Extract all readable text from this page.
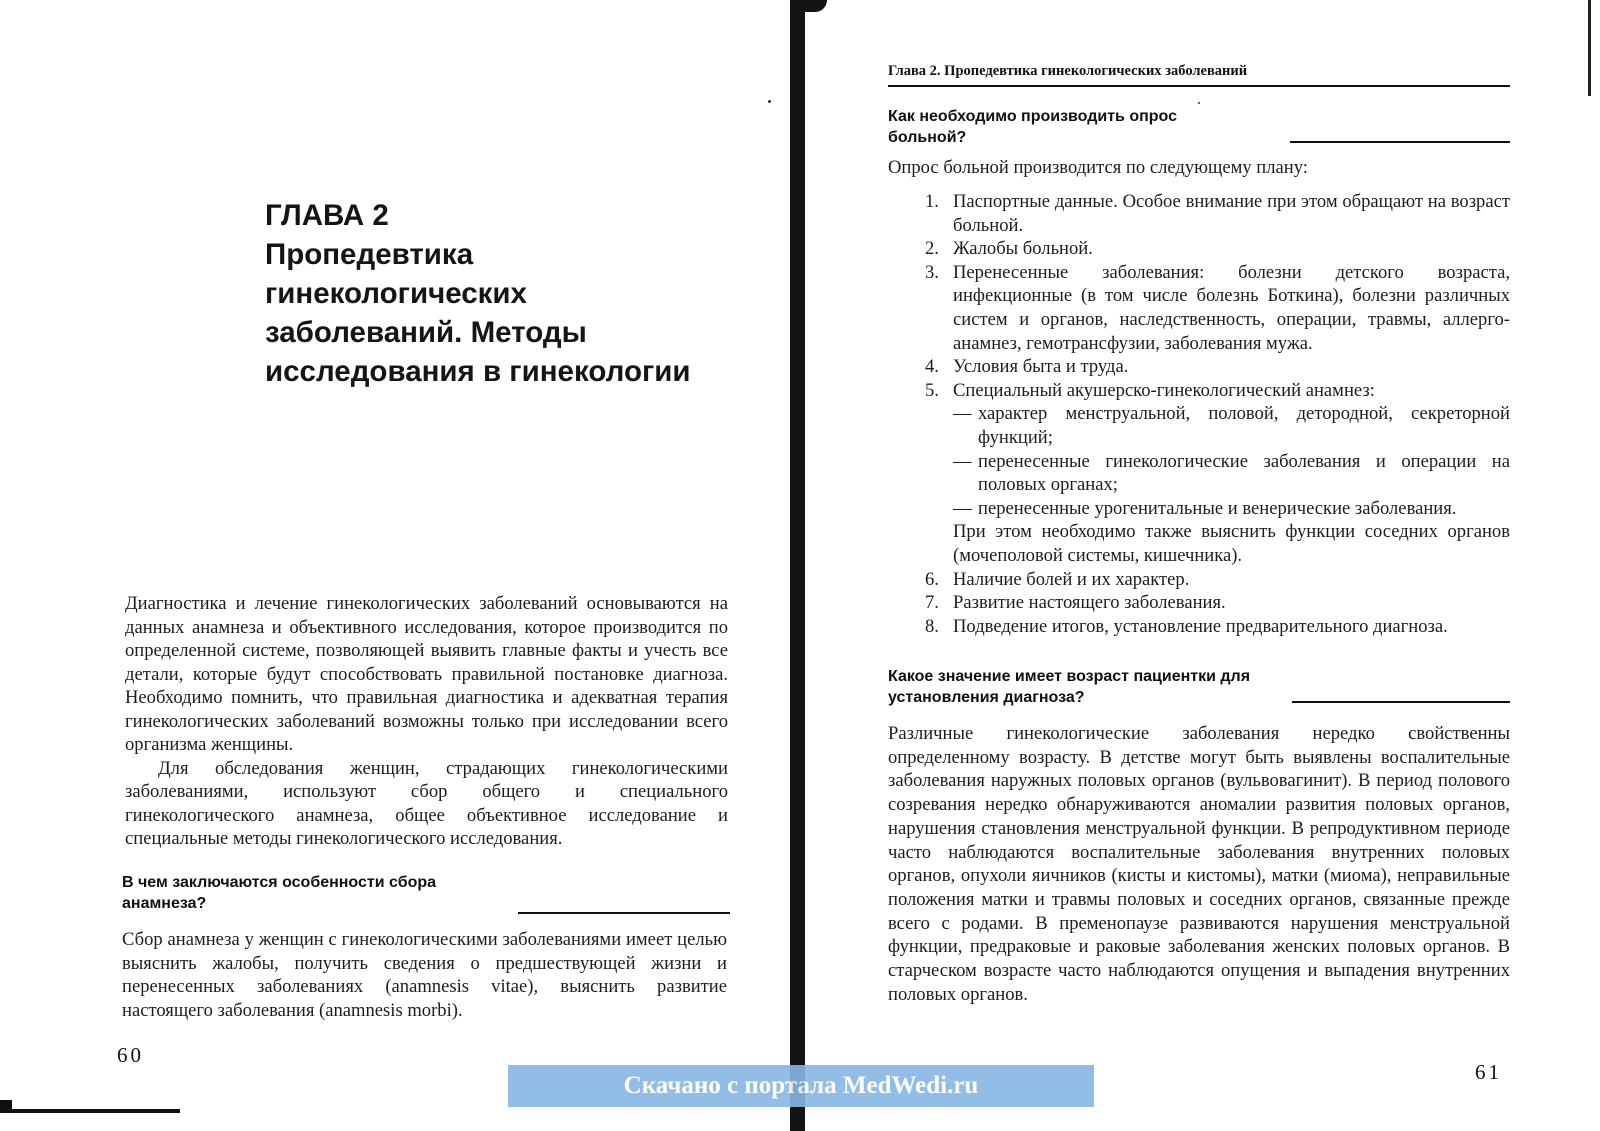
ГЛАВА 2
Пропедевтика
гинекологических
заболеваний. Методы
исследования в гинекологии

Диагностика и лечение гинекологических заболеваний основываются на данных анамнеза и объективного исследования, которое производится по определенной системе, позволяющей выявить главные факты и учесть все детали, которые будут способствовать правильной постановке диагноза. Необходимо помнить, что правильная диагностика и адекватная терапия гинекологических заболеваний возможны только при исследовании всего организма женщины.

Для обследования женщин, страдающих гинекологическими заболеваниями, используют сбор общего и специального гинекологического анамнеза, общее объективное исследование и специальные методы гинекологического исследования.

В чем заключаются особенности сбора анамнеза?

Сбор анамнеза у женщин с гинекологическими заболеваниями имеет целью выяснить жалобы, получить сведения о предшествующей жизни и перенесенных заболеваниях (anamnesis vitae), выяснить развитие настоящего заболевания (anamnesis morbi).

60
Глава 2. Пропедевтика гинекологических заболеваний
Как необходимо производить опрос больной?

Опрос больной производится по следующему плану:

1. Паспортные данные. Особое внимание при этом обращают на возраст больной.
2. Жалобы больной.
3. Перенесенные заболевания: болезни детского возраста, инфекционные (в том числе болезнь Боткина), болезни различных систем и органов, наследственность, операции, травмы, аллерго-анамнез, гемотрансфузии, заболевания мужа.
4. Условия быта и труда.
5. Специальный акушерско-гинекологический анамнез:
— характер менструальной, половой, детородной, секреторной функций;
— перенесенные гинекологические заболевания и операции на половых органах;
— перенесенные урогенитальные и венерические заболевания.
При этом необходимо также выяснить функции соседних органов (мочеполовой системы, кишечника).
6. Наличие болей и их характер.
7. Развитие настоящего заболевания.
8. Подведение итогов, установление предварительного диагноза.
Какое значение имеет возраст пациентки для установления диагноза?

Различные гинекологические заболевания нередко свойственны определенному возрасту. В детстве могут быть выявлены воспалительные заболевания наружных половых органов (вульвовагинит). В период полового созревания нередко обнаруживаются аномалии развития половых органов, нарушения становления менструальной функции. В репродуктивном периоде часто наблюдаются воспалительные заболевания внутренних половых органов, опухоли яичников (кисты и кистомы), матки (миома), неправильные положения матки и травмы половых и соседних органов, связанные прежде всего с родами. В пременопаузе развиваются нарушения менструальной функции, предраковые и раковые заболевания женских половых органов. В старческом возрасте часто наблюдаются опущения и выпадения внутренних половых органов.

61
Скачано с портала MedWedi.ru
